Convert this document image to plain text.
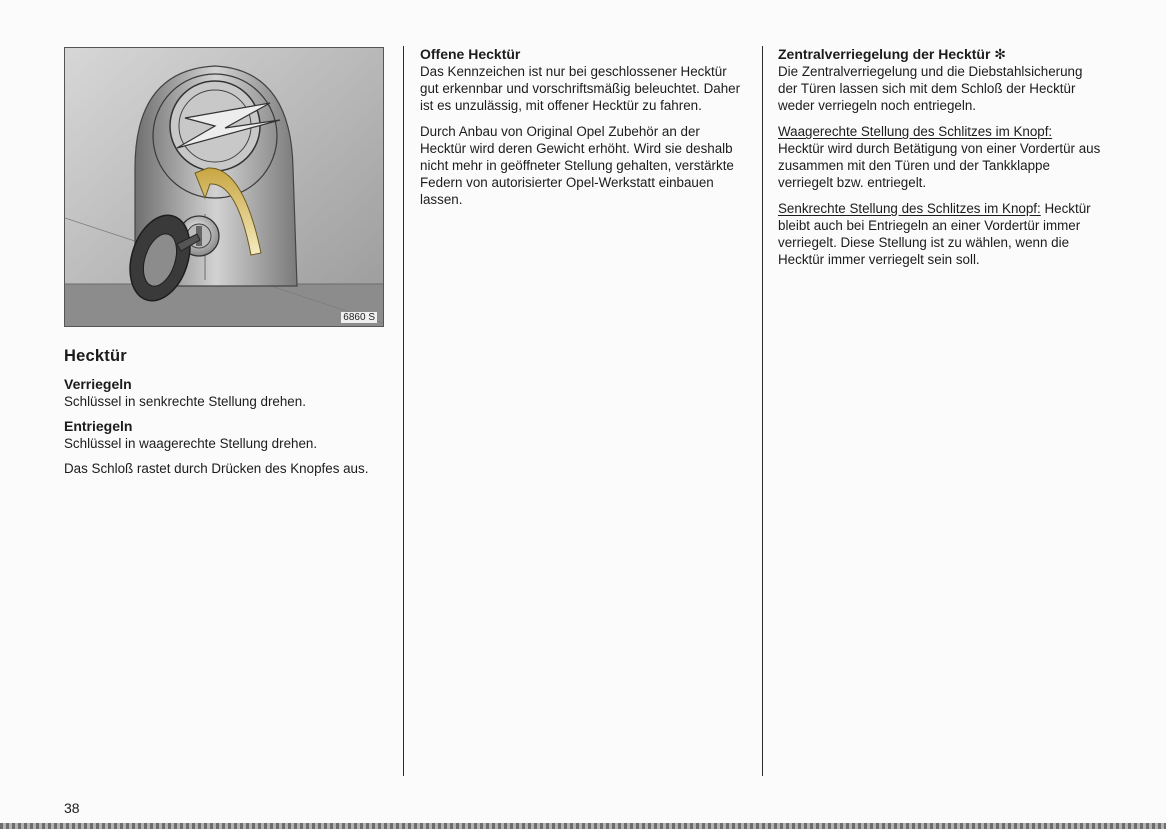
6860 S
Hecktür
Verriegeln

Schlüssel in senkrechte Stellung drehen.

Entriegeln

Schlüssel in waagerechte Stellung drehen.

Das Schloß rastet durch Drücken des Knopfes aus.

Offene Hecktür

Das Kennzeichen ist nur bei geschlossener Hecktür gut erkennbar und vorschriftsmäßig beleuchtet. Daher ist es unzulässig, mit offener Hecktür zu fahren.

Durch Anbau von Original Opel Zubehör an der Hecktür wird deren Gewicht erhöht. Wird sie deshalb nicht mehr in geöffneter Stellung gehalten, verstärkte Federn von autorisierter Opel-Werkstatt einbauen lassen.

Zentralverriegelung der Hecktür ✻

Die Zentralverriegelung und die Diebstahlsicherung der Türen lassen sich mit dem Schloß der Hecktür weder verriegeln noch entriegeln.

Waagerechte Stellung des Schlitzes im Knopf: Hecktür wird durch Betätigung von einer Vordertür aus zusammen mit den Türen und der Tankklappe verriegelt bzw. entriegelt.

Senkrechte Stellung des Schlitzes im Knopf: Hecktür bleibt auch bei Entriegeln an einer Vordertür immer verriegelt. Diese Stellung ist zu wählen, wenn die Hecktür immer verriegelt sein soll.

38
